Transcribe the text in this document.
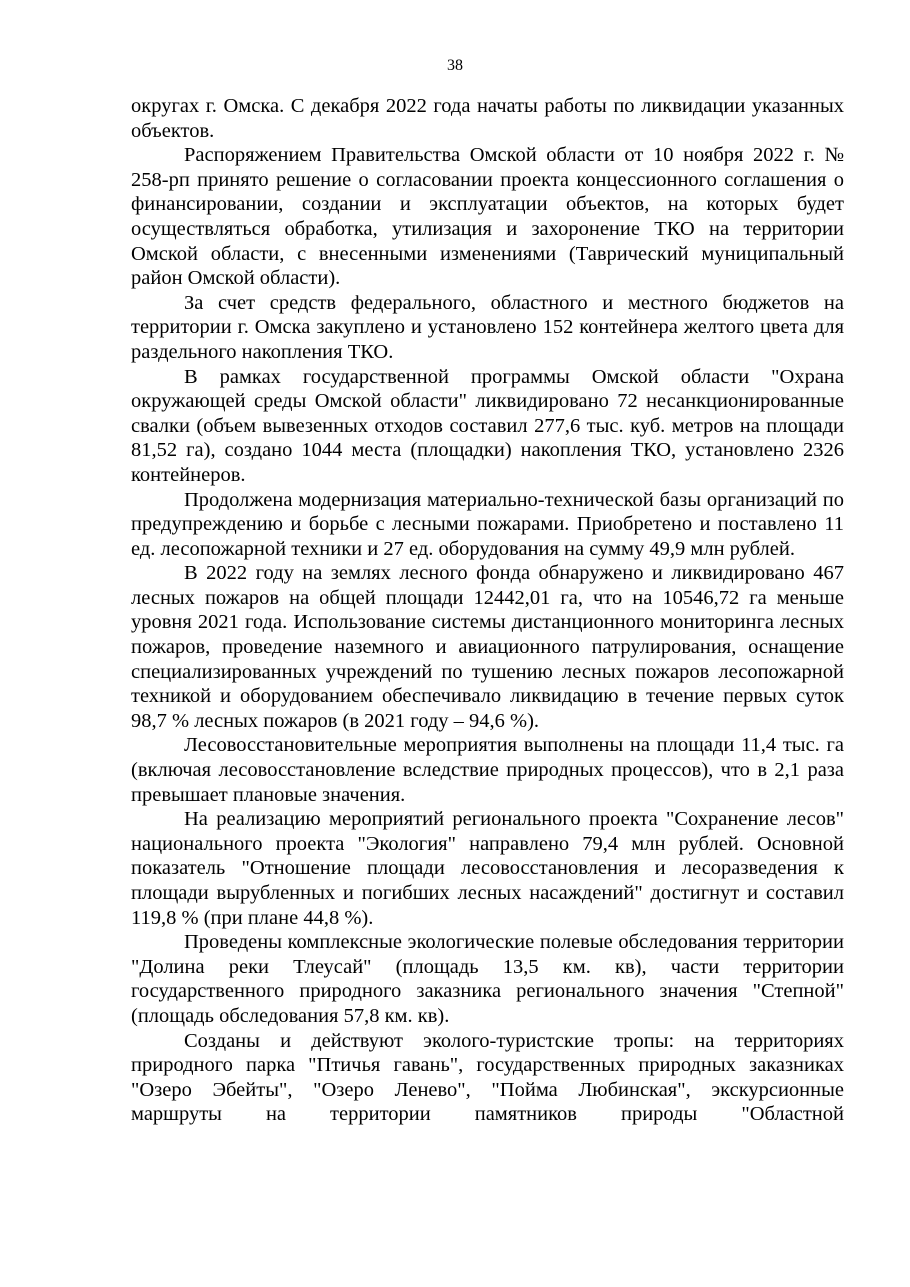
38

округах г. Омска. С декабря 2022 года начаты работы по ликвидации указанных объектов.

Распоряжением Правительства Омской области от 10 ноября 2022 г. № 258-рп принято решение о согласовании проекта концессионного соглашения о финансировании, создании и эксплуатации объектов, на которых будет осуществляться обработка, утилизация и захоронение ТКО на территории Омской области, с внесенными изменениями (Таврический муниципальный район Омской области).

За счет средств федерального, областного и местного бюджетов на территории г. Омска закуплено и установлено 152 контейнера желтого цвета для раздельного накопления ТКО.

В рамках государственной программы Омской области "Охрана окружающей среды Омской области" ликвидировано 72 несанкционированные свалки (объем вывезенных отходов составил 277,6 тыс. куб. метров на площади 81,52 га), создано 1044 места (площадки) накопления ТКО, установлено 2326 контейнеров.

Продолжена модернизация материально-технической базы организаций по предупреждению и борьбе с лесными пожарами. Приобретено и поставлено 11 ед. лесопожарной техники и 27 ед. оборудования на сумму 49,9 млн рублей.

В 2022 году на землях лесного фонда обнаружено и ликвидировано 467 лесных пожаров на общей площади 12442,01 га, что на 10546,72 га меньше уровня 2021 года. Использование системы дистанционного мониторинга лесных пожаров, проведение наземного и авиационного патрулирования, оснащение специализированных учреждений по тушению лесных пожаров лесопожарной техникой и оборудованием обеспечивало ликвидацию в течение первых суток 98,7 % лесных пожаров (в 2021 году – 94,6 %).

Лесовосстановительные мероприятия выполнены на площади 11,4 тыс. га (включая лесовосстановление вследствие природных процессов), что в 2,1 раза превышает плановые значения.

На реализацию мероприятий регионального проекта "Сохранение лесов" национального проекта "Экология" направлено 79,4 млн рублей. Основной показатель "Отношение площади лесовосстановления и лесоразведения к площади вырубленных и погибших лесных насаждений" достигнут и составил 119,8 % (при плане 44,8 %).

Проведены комплексные экологические полевые обследования территории "Долина реки Тлеусай" (площадь 13,5 км. кв), части территории государственного природного заказника регионального значения "Степной" (площадь обследования 57,8 км. кв).

Созданы и действуют эколого-туристские тропы: на территориях природного парка "Птичья гавань", государственных природных заказниках "Озеро Эбейты", "Озеро Ленево", "Пойма Любинская", экскурсионные маршруты на территории памятников природы "Областной
